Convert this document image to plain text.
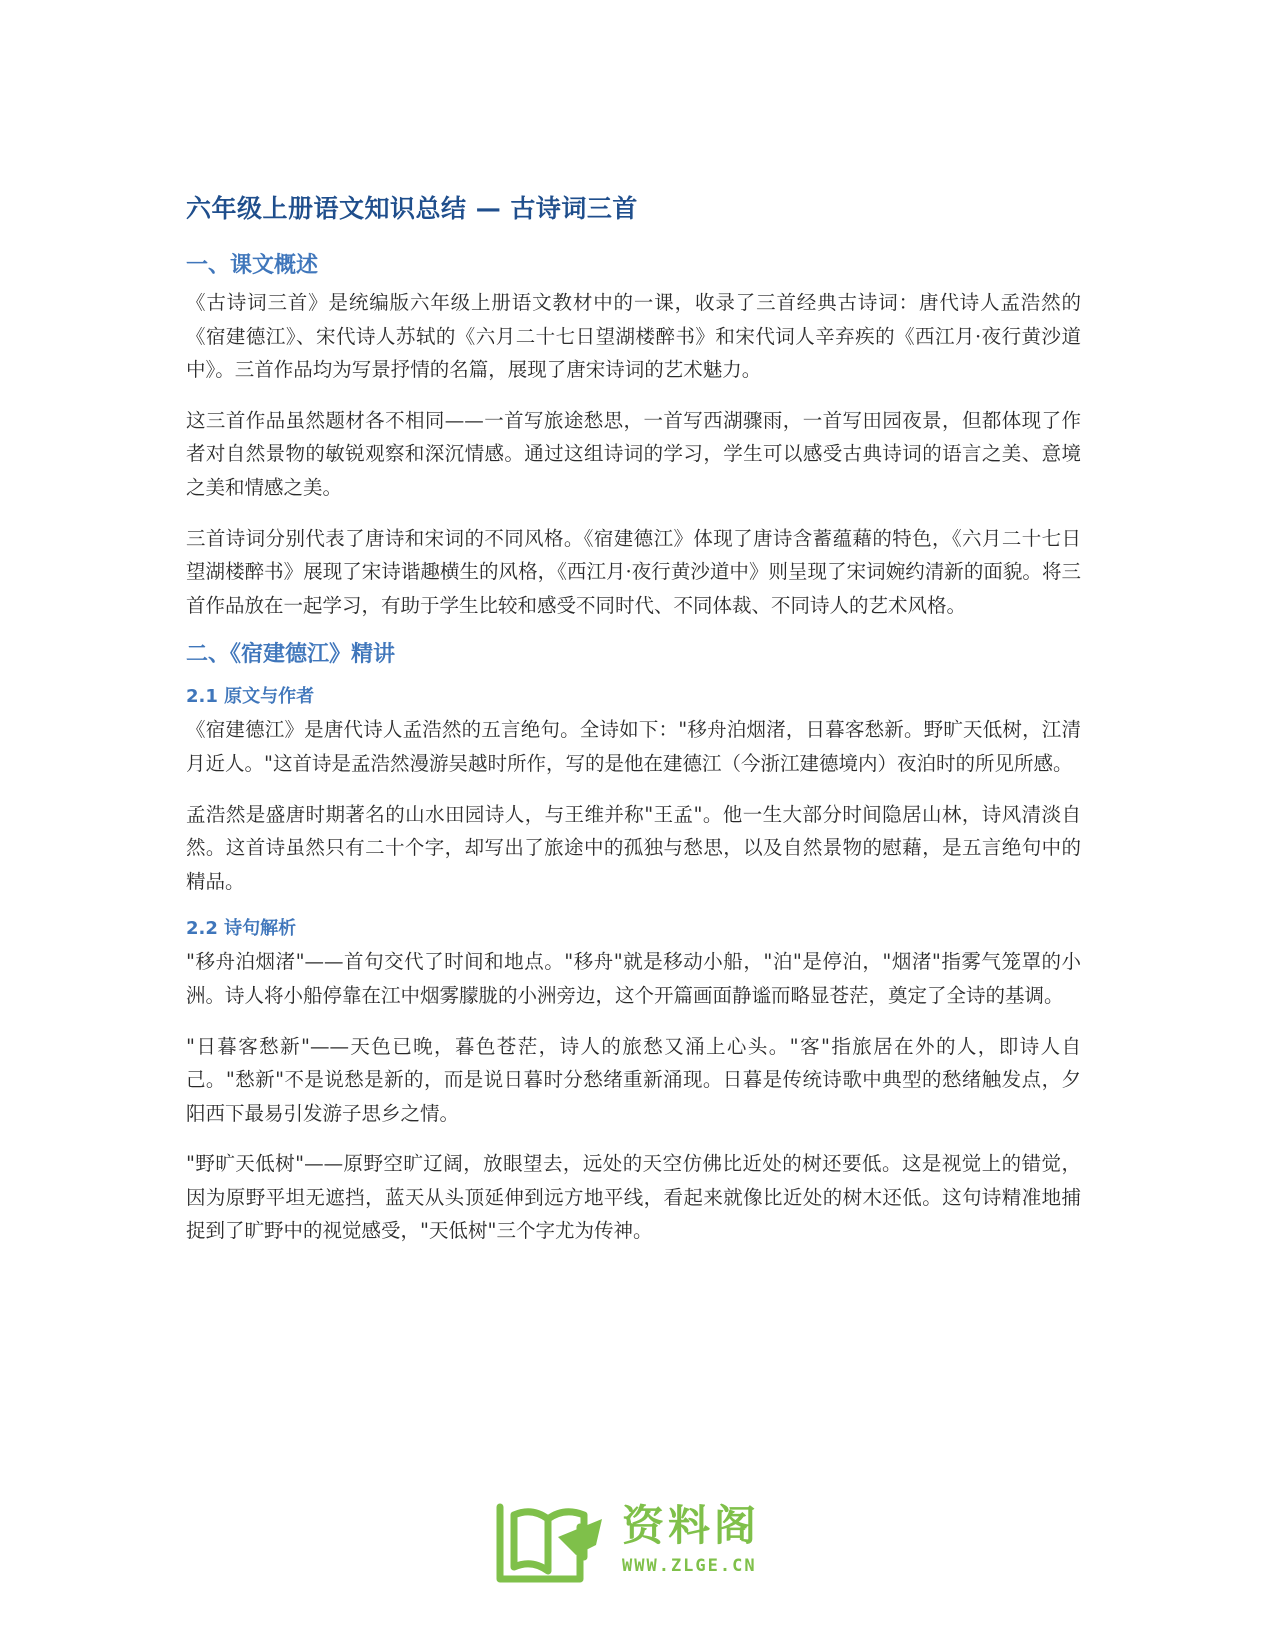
六年级上册语文知识总结 — 古诗词三首
一、课文概述

《古诗词三首》是统编版六年级上册语文教材中的一课，收录了三首经典古诗词：唐代诗人孟浩然的《宿建德江》、宋代诗人苏轼的《六月二十七日望湖楼醉书》和宋代词人辛弃疾的《西江月·夜行黄沙道中》。三首作品均为写景抒情的名篇，展现了唐宋诗词的艺术魅力。

这三首作品虽然题材各不相同——一首写旅途愁思，一首写西湖骤雨，一首写田园夜景，但都体现了作者对自然景物的敏锐观察和深沉情感。通过这组诗词的学习，学生可以感受古典诗词的语言之美、意境之美和情感之美。

三首诗词分别代表了唐诗和宋词的不同风格。《宿建德江》体现了唐诗含蓄蕴藉的特色，《六月二十七日望湖楼醉书》展现了宋诗谐趣横生的风格，《西江月·夜行黄沙道中》则呈现了宋词婉约清新的面貌。将三首作品放在一起学习，有助于学生比较和感受不同时代、不同体裁、不同诗人的艺术风格。

二、《宿建德江》精讲
2.1 原文与作者

《宿建德江》是唐代诗人孟浩然的五言绝句。全诗如下："移舟泊烟渚，日暮客愁新。野旷天低树，江清月近人。"这首诗是孟浩然漫游吴越时所作，写的是他在建德江（今浙江建德境内）夜泊时的所见所感。

孟浩然是盛唐时期著名的山水田园诗人，与王维并称"王孟"。他一生大部分时间隐居山林，诗风清淡自然。这首诗虽然只有二十个字，却写出了旅途中的孤独与愁思，以及自然景物的慰藉，是五言绝句中的精品。

2.2 诗句解析

"移舟泊烟渚"——首句交代了时间和地点。"移舟"就是移动小船，"泊"是停泊，"烟渚"指雾气笼罩的小洲。诗人将小船停靠在江中烟雾朦胧的小洲旁边，这个开篇画面静谧而略显苍茫，奠定了全诗的基调。

"日暮客愁新"——天色已晚，暮色苍茫，诗人的旅愁又涌上心头。"客"指旅居在外的人，即诗人自己。"愁新"不是说愁是新的，而是说日暮时分愁绪重新涌现。日暮是传统诗歌中典型的愁绪触发点，夕阳西下最易引发游子思乡之情。

"野旷天低树"——原野空旷辽阔，放眼望去，远处的天空仿佛比近处的树还要低。这是视觉上的错觉，因为原野平坦无遮挡，蓝天从头顶延伸到远方地平线，看起来就像比近处的树木还低。这句诗精准地捕捉到了旷野中的视觉感受，"天低树"三个字尤为传神。

资料阁
WWW.ZLGE.CN
